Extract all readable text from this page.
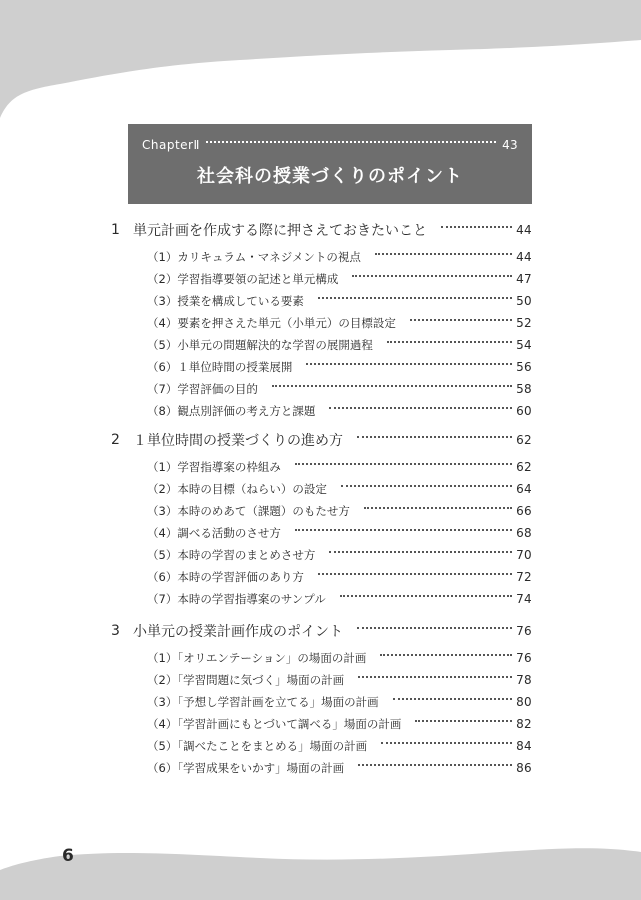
ChapterⅡ	43
社会科の授業づくりのポイント
1 単元計画を作成する際に押さえておきたいこと	44
（1）カリキュラム・マネジメントの視点	44
（2）学習指導要領の記述と単元構成	47
（3）授業を構成している要素	50
（4）要素を押さえた単元（小単元）の目標設定	52
（5）小単元の問題解決的な学習の展開過程	54
（6）１単位時間の授業展開	56
（7）学習評価の目的	58
（8）観点別評価の考え方と課題	60
2 １単位時間の授業づくりの進め方	62
（1）学習指導案の枠組み	62
（2）本時の目標（ねらい）の設定	64
（3）本時のめあて（課題）のもたせ方	66
（4）調べる活動のさせ方	68
（5）本時の学習のまとめさせ方	70
（6）本時の学習評価のあり方	72
（7）本時の学習指導案のサンプル	74
3 小単元の授業計画作成のポイント	76
（1）「オリエンテーション」の場面の計画	76
（2）「学習問題に気づく」場面の計画	78
（3）「予想し学習計画を立てる」場面の計画	80
（4）「学習計画にもとづいて調べる」場面の計画	82
（5）「調べたことをまとめる」場面の計画	84
（6）「学習成果をいかす」場面の計画	86
6
